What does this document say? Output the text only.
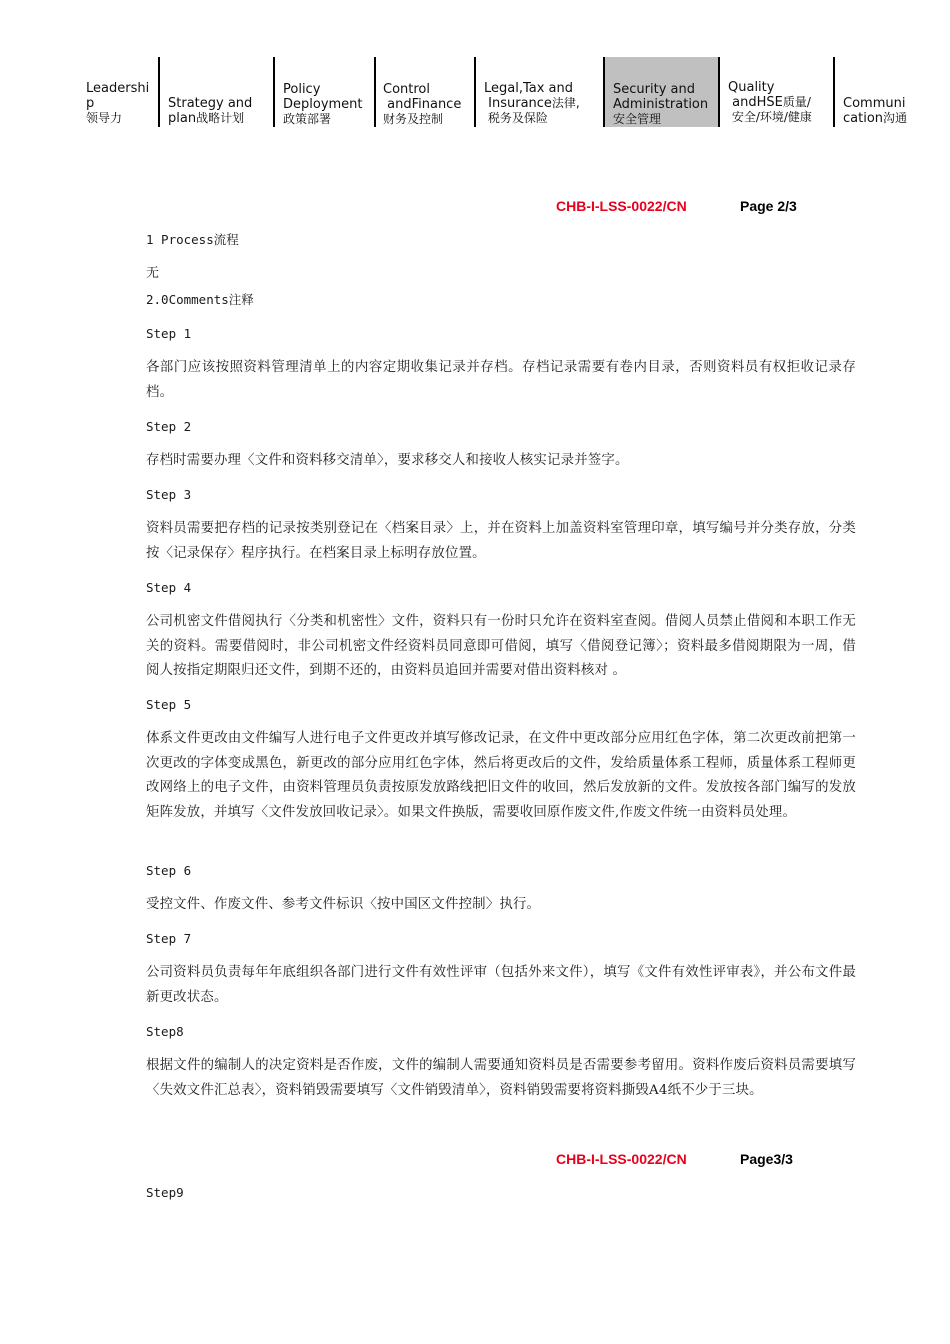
Leadershi
p
领导力
Strategy and
plan战略计划
Policy
Deployment
政策部署
Control
andFinance
财务及控制
Legal,Tax and
Insurance法律,
税务及保险
Security and
Administration
安全管理
Quality
andHSE质量/
安全/环境/健康
Communi
cation沟通
CHB-I-LSS-0022/CN	Page 2/3
1 Process流程
无
2.0Comments注释
Step 1
各部门应该按照资料管理清单上的内容定期收集记录并存档。存档记录需要有卷内目录，否则资料员有权拒收记录存档。
Step 2
存档时需要办理〈文件和资料移交清单〉，要求移交人和接收人核实记录并签字。
Step 3
资料员需要把存档的记录按类别登记在〈档案目录〉上，并在资料上加盖资料室管理印章，填写编号并分类存放，分类按〈记录保存〉程序执行。在档案目录上标明存放位置。
Step 4
公司机密文件借阅执行〈分类和机密性〉文件，资料只有一份时只允许在资料室查阅。借阅人员禁止借阅和本职工作无关的资料。需要借阅时，非公司机密文件经资料员同意即可借阅，填写〈借阅登记簿〉；资料最多借阅期限为一周，借阅人按指定期限归还文件，到期不还的，由资料员追回并需要对借出资料核对 。
Step 5
体系文件更改由文件编写人进行电子文件更改并填写修改记录，在文件中更改部分应用红色字体，第二次更改前把第一次更改的字体变成黑色，新更改的部分应用红色字体，然后将更改后的文件，发给质量体系工程师，质量体系工程师更改网络上的电子文件，由资料管理员负责按原发放路线把旧文件的收回，然后发放新的文件。发放按各部门编写的发放矩阵发放，并填写〈文件发放回收记录〉。如果文件换版，需要收回原作废文件,作废文件统一由资料员处理。
Step 6
受控文件、作废文件、参考文件标识〈按中国区文件控制〉执行。
Step 7
公司资料员负责每年年底组织各部门进行文件有效性评审（包括外来文件），填写《文件有效性评审表》，并公布文件最新更改状态。
Step8
根据文件的编制人的决定资料是否作废，文件的编制人需要通知资料员是否需要参考留用。资料作废后资料员需要填写〈失效文件汇总表〉，资料销毁需要填写〈文件销毁清单〉，资料销毁需要将资料撕毁A4纸不少于三块。
Step9
CHB-I-LSS-0022/CN	Page3/3
